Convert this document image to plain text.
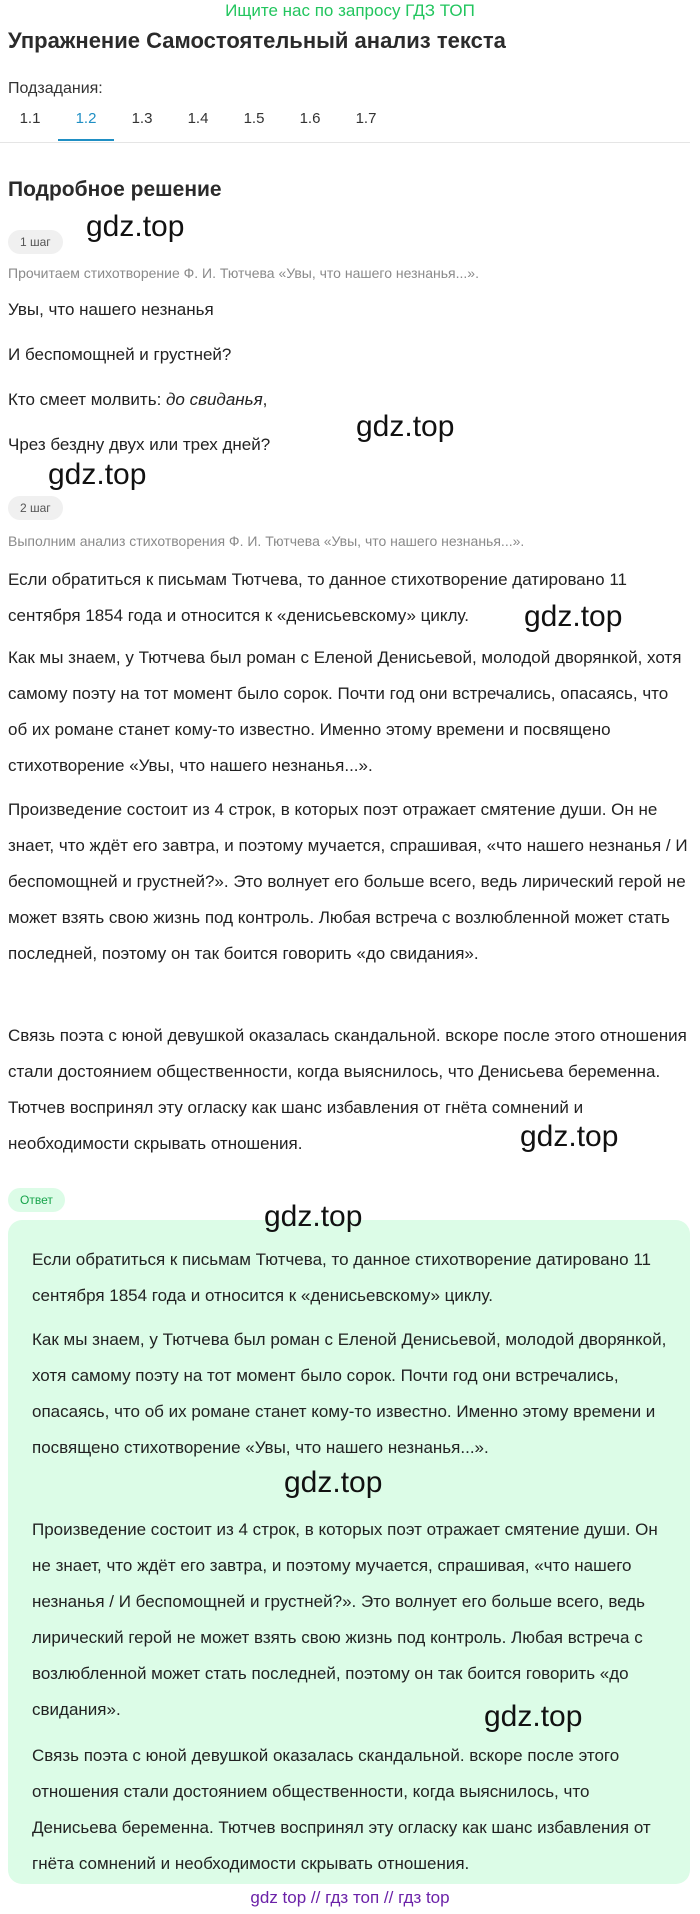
Ищите нас по запросу ГДЗ ТОП
Упражнение Самостоятельный анализ текста
Подзадания:
1.1	1.2	1.3	1.4	1.5	1.6	1.7
Подробное решение
1 шаг
Прочитаем стихотворение Ф. И. Тютчева «Увы, что нашего незнанья...».
Увы, что нашего незнанья
И беспомощней и грустней?
Кто смеет молвить: до свиданья,
Чрез бездну двух или трех дней?
2 шаг
Выполним анализ стихотворения Ф. И. Тютчева «Увы, что нашего незнанья...».

Если обратиться к письмам Тютчева, то данное стихотворение датировано 11 сентября 1854 года и относится к «денисьевскому» циклу.

Как мы знаем, у Тютчева был роман с Еленой Денисьевой, молодой дворянкой, хотя самому поэту на тот момент было сорок. Почти год они встречались, опасаясь, что об их романе станет кому-то известно. Именно этому времени и посвящено стихотворение «Увы, что нашего незнанья...».

Произведение состоит из 4 строк, в которых поэт отражает смятение души. Он не знает, что ждёт его завтра, и поэтому мучается, спрашивая, «что нашего незнанья / И беспомощней и грустней?». Это волнует его больше всего, ведь лирический герой не может взять свою жизнь под контроль. Любая встреча с возлюбленной может стать последней, поэтому он так боится говорить «до свидания».

Связь поэта с юной девушкой оказалась скандальной. вскоре после этого отношения стали достоянием общественности, когда выяснилось, что Денисьева беременна. Тютчев воспринял эту огласку как шанс избавления от гнёта сомнений и необходимости скрывать отношения.

Ответ

Если обратиться к письмам Тютчева, то данное стихотворение датировано 11 сентября 1854 года и относится к «денисьевскому» циклу.

Как мы знаем, у Тютчева был роман с Еленой Денисьевой, молодой дворянкой, хотя самому поэту на тот момент было сорок. Почти год они встречались, опасаясь, что об их романе станет кому-то известно. Именно этому времени и посвящено стихотворение «Увы, что нашего незнанья...».

Произведение состоит из 4 строк, в которых поэт отражает смятение души. Он не знает, что ждёт его завтра, и поэтому мучается, спрашивая, «что нашего незнанья / И беспомощней и грустней?». Это волнует его больше всего, ведь лирический герой не может взять свою жизнь под контроль. Любая встреча с возлюбленной может стать последней, поэтому он так боится говорить «до свидания».

Связь поэта с юной девушкой оказалась скандальной. вскоре после этого отношения стали достоянием общественности, когда выяснилось, что Денисьева беременна. Тютчев воспринял эту огласку как шанс избавления от гнёта сомнений и необходимости скрывать отношения.

gdz.top
gdz.top
gdz.top
gdz.top
gdz.top
gdz.top
gdz.top
gdz.top
gdz top // гдз топ // гдз top
